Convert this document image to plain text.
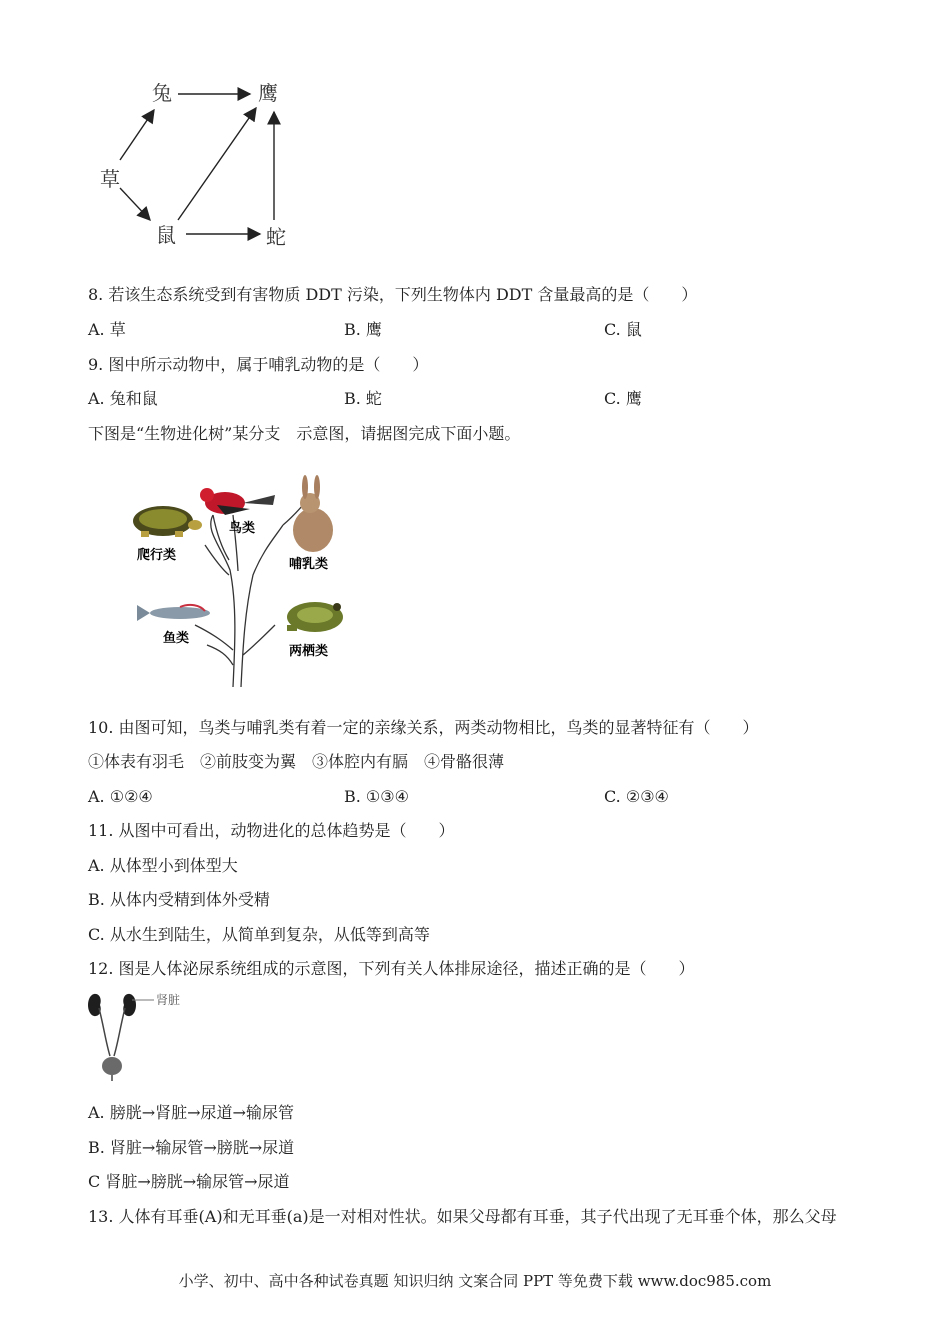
兔	鹰
草
鼠	蛇
8. 若该生态系统受到有害物质 DDT 污染，下列生物体内 DDT 含量最高的是（　　）
A. 草	B. 鹰	C. 鼠
9. 图中所示动物中，属于哺乳动物的是（　　）
A. 兔和鼠	B. 蛇	C. 鹰
下图是“生物进化树”某分支　示意图，请据图完成下面小题。
爬行类
鸟类
哺乳类
鱼类
两栖类
10. 由图可知，鸟类与哺乳类有着一定的亲缘关系，两类动物相比，鸟类的显著特征有（　　）
①体表有羽毛　②前肢变为翼　③体腔内有膈　④骨骼很薄
A. ①②④	B. ①③④	C. ②③④
11. 从图中可看出，动物进化的总体趋势是（　　）
A. 从体型小到体型大
B. 从体内受精到体外受精
C. 从水生到陆生，从简单到复杂，从低等到高等
12. 图是人体泌尿系统组成的示意图，下列有关人体排尿途径，描述正确的是（　　）
肾脏
A. 膀胱→肾脏→尿道→输尿管
B. 肾脏→输尿管→膀胱→尿道
C 肾脏→膀胱→输尿管→尿道
13. 人体有耳垂(A)和无耳垂(a)是一对相对性状。如果父母都有耳垂，其子代出现了无耳垂个体，那么父母
小学、初中、高中各种试卷真题 知识归纳 文案合同 PPT 等免费下载 www.doc985.com
